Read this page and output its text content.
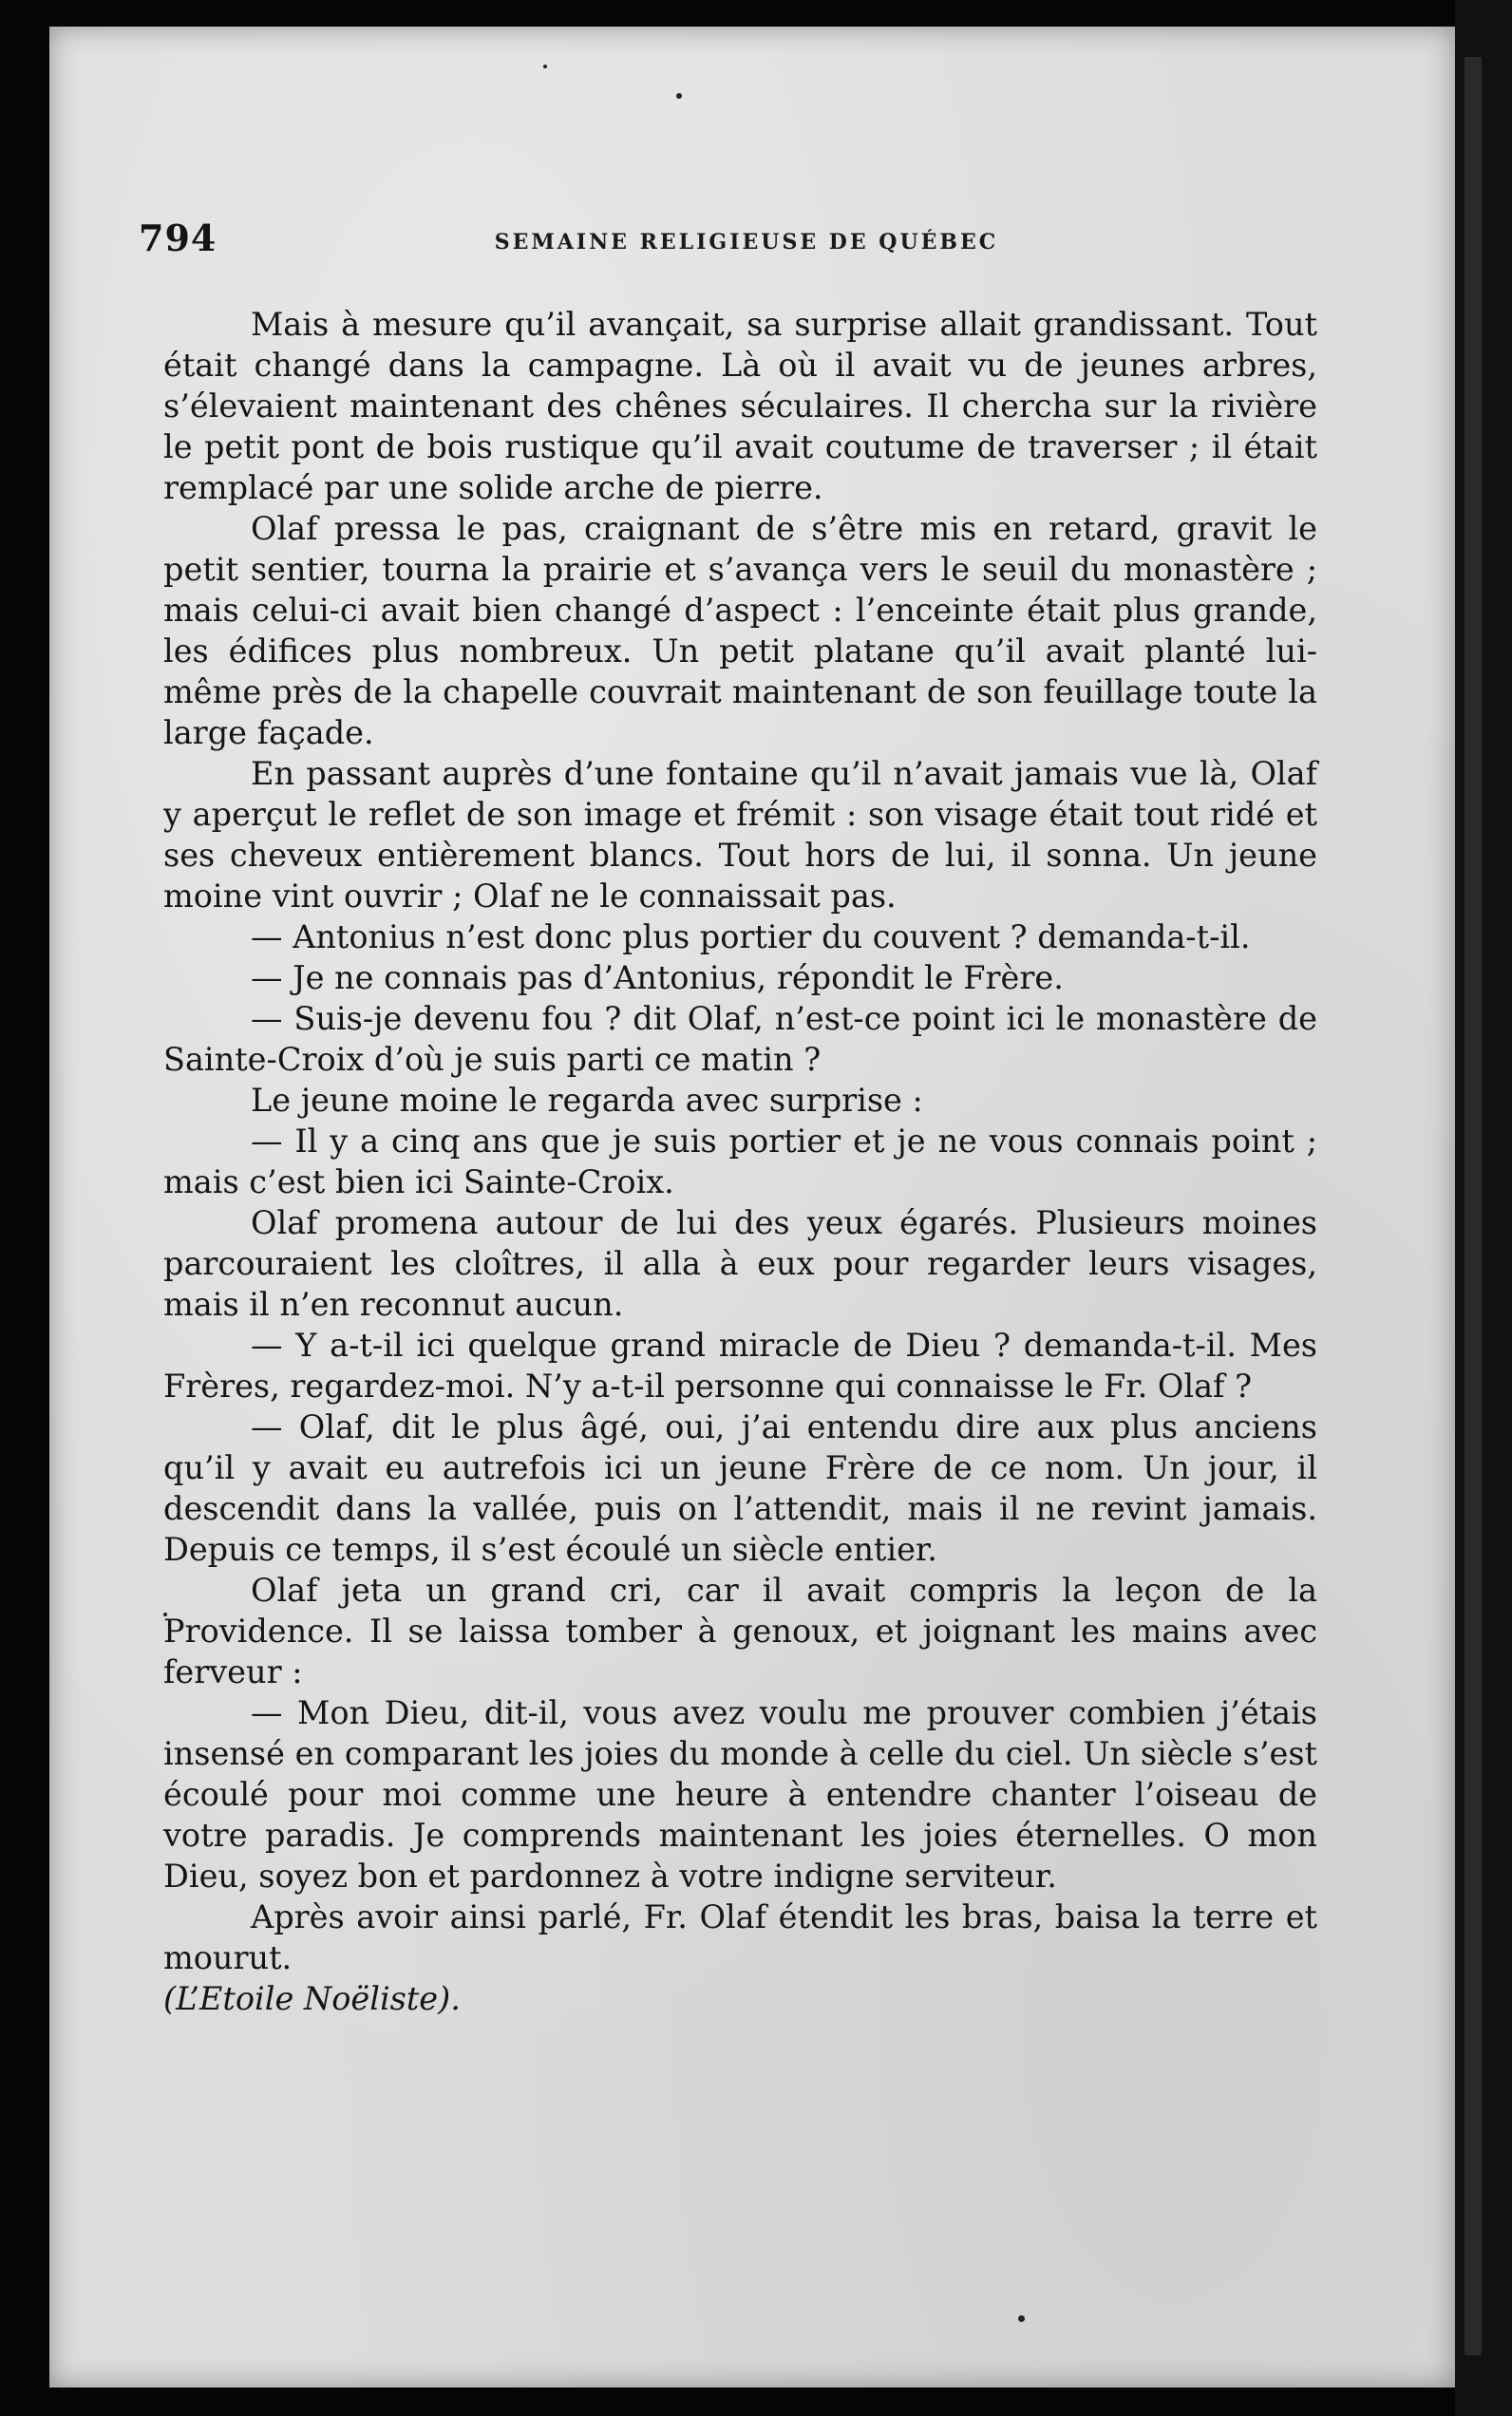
794	SEMAINE RELIGIEUSE DE QUÉBEC

Mais à mesure qu’il avançait, sa surprise allait grandissant. Tout était changé dans la campagne. Là où il avait vu de jeunes arbres, s’élevaient maintenant des chênes séculaires. Il chercha sur la rivière le petit pont de bois rustique qu’il avait coutume de traverser ; il était remplacé par une solide arche de pierre.

Olaf pressa le pas, craignant de s’être mis en retard, gravit le petit sentier, tourna la prairie et s’avança vers le seuil du monastère ; mais celui-ci avait bien changé d’aspect : l’enceinte était plus grande, les édifices plus nombreux. Un petit platane qu’il avait planté lui-même près de la chapelle couvrait maintenant de son feuillage toute la large façade.

En passant auprès d’une fontaine qu’il n’avait jamais vue là, Olaf y aperçut le reflet de son image et frémit : son visage était tout ridé et ses cheveux entièrement blancs. Tout hors de lui, il sonna. Un jeune moine vint ouvrir ; Olaf ne le connaissait pas.

— Antonius n’est donc plus portier du couvent ? demanda-t-il.

— Je ne connais pas d’Antonius, répondit le Frère.

— Suis-je devenu fou ? dit Olaf, n’est-ce point ici le monastère de Sainte-Croix d’où je suis parti ce matin ?

Le jeune moine le regarda avec surprise :

— Il y a cinq ans que je suis portier et je ne vous connais point ; mais c’est bien ici Sainte-Croix.

Olaf promena autour de lui des yeux égarés. Plusieurs moines parcouraient les cloîtres, il alla à eux pour regarder leurs visages, mais il n’en reconnut aucun.

— Y a-t-il ici quelque grand miracle de Dieu ? demanda-t-il. Mes Frères, regardez-moi. N’y a-t-il personne qui connaisse le Fr. Olaf ?

— Olaf, dit le plus âgé, oui, j’ai entendu dire aux plus anciens qu’il y avait eu autrefois ici un jeune Frère de ce nom. Un jour, il descendit dans la vallée, puis on l’attendit, mais il ne revint jamais. Depuis ce temps, il s’est écoulé un siècle entier.

Olaf jeta un grand cri, car il avait compris la leçon de la Providence. Il se laissa tomber à genoux, et joignant les mains avec ferveur :

— Mon Dieu, dit-il, vous avez voulu me prouver combien j’étais insensé en comparant les joies du monde à celle du ciel. Un siècle s’est écoulé pour moi comme une heure à entendre chanter l’oiseau de votre paradis. Je comprends maintenant les joies éternelles. O mon Dieu, soyez bon et pardonnez à votre indigne serviteur.

Après avoir ainsi parlé, Fr. Olaf étendit les bras, baisa la terre et mourut.

(L’Etoile Noëliste).
